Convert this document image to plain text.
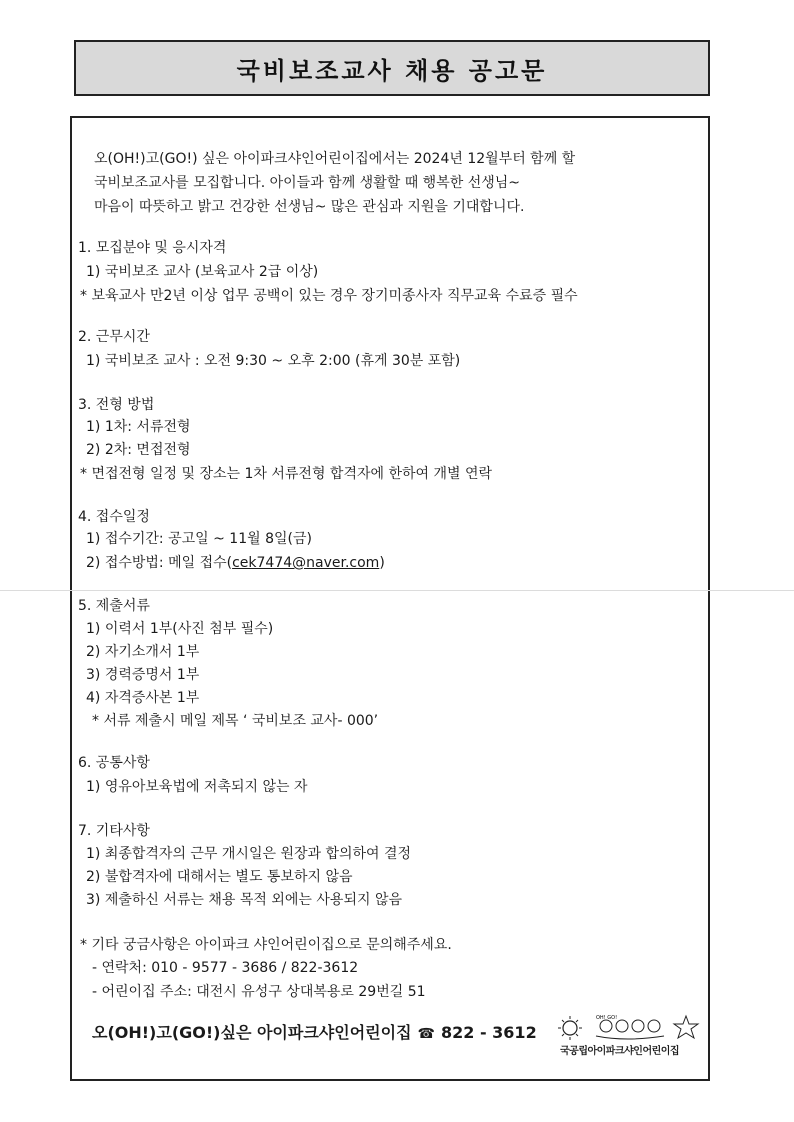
국비보조교사 채용 공고문
오(OH!)고(GO!) 싶은 아이파크샤인어린이집에서는 2024년 12월부터 함께 할
국비보조교사를 모집합니다. 아이들과 함께 생활할 때 행복한 선생님~
마음이 따뜻하고 밝고 건강한 선생님~ 많은 관심과 지원을 기대합니다.
1. 모집분야 및 응시자격
1) 국비보조 교사 (보육교사 2급 이상)
* 보육교사 만2년 이상 업무 공백이 있는 경우 장기미종사자 직무교육 수료증 필수
2. 근무시간
1) 국비보조 교사 : 오전 9:30 ~ 오후 2:00 (휴게 30분 포함)
3. 전형 방법
1) 1차: 서류전형
2) 2차: 면접전형
* 면접전형 일정 및 장소는 1차 서류전형 합격자에 한하여 개별 연락
4. 접수일정
1) 접수기간: 공고일 ~ 11월 8일(금)
2) 접수방법: 메일 접수(cek7474@naver.com)
5. 제출서류
1) 이력서 1부(사진 첨부 필수)
2) 자기소개서 1부
3) 경력증명서 1부
4) 자격증사본 1부
* 서류 제출시 메일 제목 ‘ 국비보조 교사- 000’
6. 공통사항
1) 영유아보육법에 저촉되지 않는 자
7. 기타사항
1) 최종합격자의 근무 개시일은 원장과 합의하여 결정
2) 불합격자에 대해서는 별도 통보하지 않음
3) 제출하신 서류는 채용 목적 외에는 사용되지 않음
* 기타 궁금사항은 아이파크 샤인어린이집으로 문의해주세요.
- 연락처: 010 - 9577 - 3686 / 822-3612
- 어린이집 주소: 대전시 유성구 상대복용로 29번길 51
오(OH!)고(GO!)싶은 아이파크샤인어린이집 ☎ 822 - 3612
OH! GO!
국공립아이파크샤인어린이집
